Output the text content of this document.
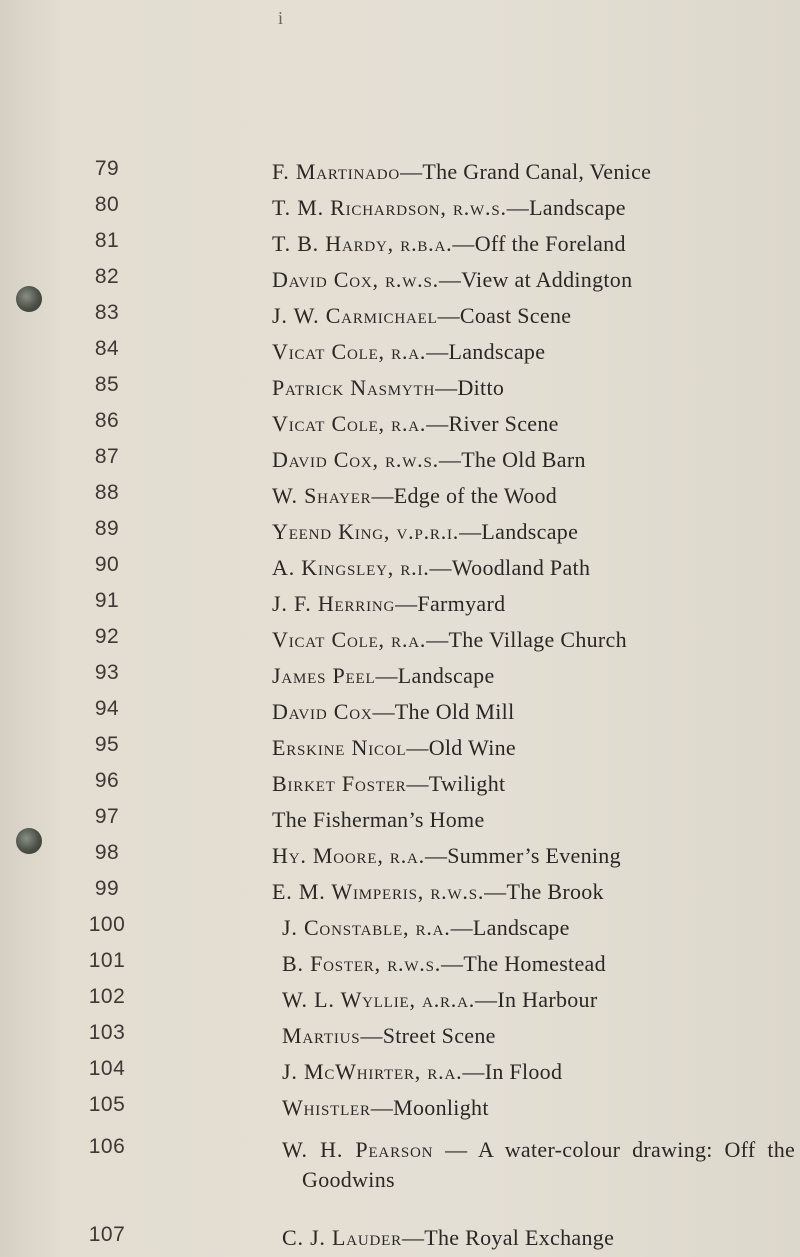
i
79	F. Martinado—The Grand Canal, Venice
80	T. M. Richardson, r.w.s.—Landscape
81	T. B. Hardy, r.b.a.—Off the Foreland
82	David Cox, r.w.s.—View at Addington
83	J. W. Carmichael—Coast Scene
84	Vicat Cole, r.a.—Landscape
85	Patrick Nasmyth—Ditto
86	Vicat Cole, r.a.—River Scene
87	David Cox, r.w.s.—The Old Barn
88	W. Shayer—Edge of the Wood
89	Yeend King, v.p.r.i.—Landscape
90	A. Kingsley, r.i.—Woodland Path
91	J. F. Herring—Farmyard
92	Vicat Cole, r.a.—The Village Church
93	James Peel—Landscape
94	David Cox—The Old Mill
95	Erskine Nicol—Old Wine
96	Birket Foster—Twilight
97	The Fisherman’s Home
98	Hy. Moore, r.a.—Summer’s Evening
99	E. M. Wimperis, r.w.s.—The Brook
100	J. Constable, r.a.—Landscape
101	B. Foster, r.w.s.—The Homestead
102	W. L. Wyllie, a.r.a.—In Harbour
103	Martius—Street Scene
104	J. McWhirter, r.a.—In Flood
105	Whistler—Moonlight
106	W. H. Pearson — A water-colour drawing: Off the
Goodwins
107	C. J. Lauder—The Royal Exchange
